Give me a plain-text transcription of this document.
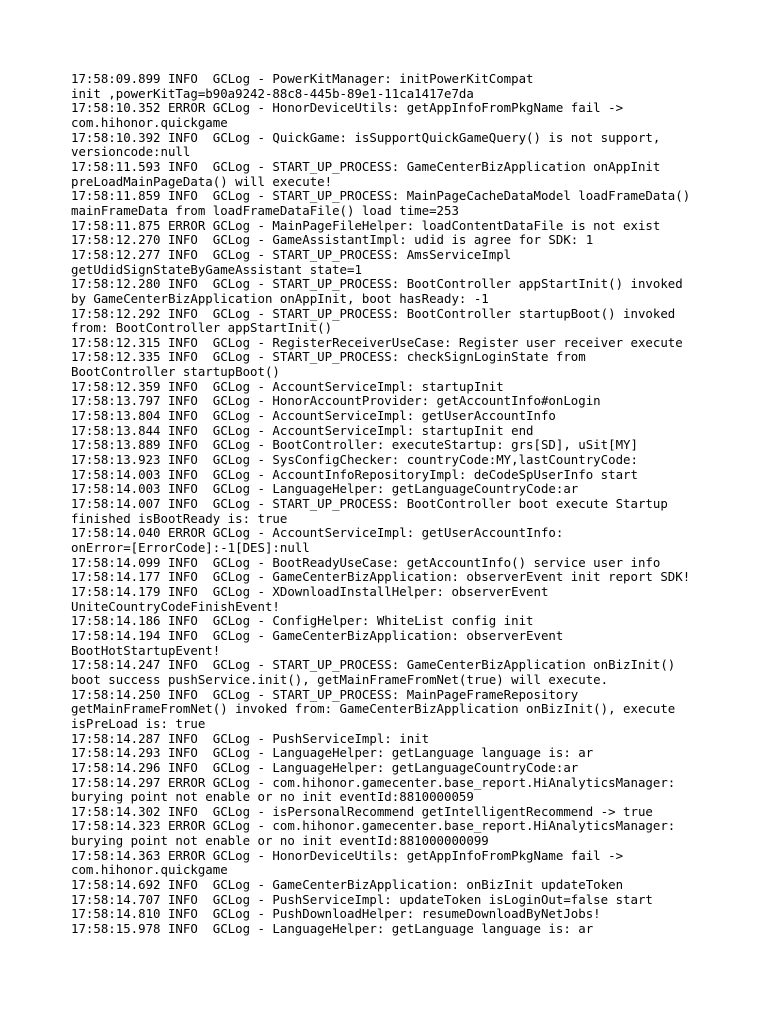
17:58:09.899 INFO  GCLog - PowerKitManager: initPowerKitCompat
init ,powerKitTag=b90a9242-88c8-445b-89e1-11ca1417e7da
17:58:10.352 ERROR GCLog - HonorDeviceUtils: getAppInfoFromPkgName fail ->
com.hihonor.quickgame
17:58:10.392 INFO  GCLog - QuickGame: isSupportQuickGameQuery() is not support,
versioncode:null
17:58:11.593 INFO  GCLog - START_UP_PROCESS: GameCenterBizApplication onAppInit
preLoadMainPageData() will execute!
17:58:11.859 INFO  GCLog - START_UP_PROCESS: MainPageCacheDataModel loadFrameData()
mainFrameData from loadFrameDataFile() load time=253
17:58:11.875 ERROR GCLog - MainPageFileHelper: loadContentDataFile is not exist
17:58:12.270 INFO  GCLog - GameAssistantImpl: udid is agree for SDK: 1
17:58:12.277 INFO  GCLog - START_UP_PROCESS: AmsServiceImpl
getUdidSignStateByGameAssistant state=1
17:58:12.280 INFO  GCLog - START_UP_PROCESS: BootController appStartInit() invoked
by GameCenterBizApplication onAppInit, boot hasReady: -1
17:58:12.292 INFO  GCLog - START_UP_PROCESS: BootController startupBoot() invoked
from: BootController appStartInit()
17:58:12.315 INFO  GCLog - RegisterReceiverUseCase: Register user receiver execute
17:58:12.335 INFO  GCLog - START_UP_PROCESS: checkSignLoginState from
BootController startupBoot()
17:58:12.359 INFO  GCLog - AccountServiceImpl: startupInit
17:58:13.797 INFO  GCLog - HonorAccountProvider: getAccountInfo#onLogin
17:58:13.804 INFO  GCLog - AccountServiceImpl: getUserAccountInfo
17:58:13.844 INFO  GCLog - AccountServiceImpl: startupInit end
17:58:13.889 INFO  GCLog - BootController: executeStartup: grs[SD], uSit[MY]
17:58:13.923 INFO  GCLog - SysConfigChecker: countryCode:MY,lastCountryCode:
17:58:14.003 INFO  GCLog - AccountInfoRepositoryImpl: deCodeSpUserInfo start
17:58:14.003 INFO  GCLog - LanguageHelper: getLanguageCountryCode:ar
17:58:14.007 INFO  GCLog - START_UP_PROCESS: BootController boot execute Startup
finished isBootReady is: true
17:58:14.040 ERROR GCLog - AccountServiceImpl: getUserAccountInfo:
onError=[ErrorCode]:-1[DES]:null
17:58:14.099 INFO  GCLog - BootReadyUseCase: getAccountInfo() service user info
17:58:14.177 INFO  GCLog - GameCenterBizApplication: observerEvent init report SDK!
17:58:14.179 INFO  GCLog - XDownloadInstallHelper: observerEvent
UniteCountryCodeFinishEvent!
17:58:14.186 INFO  GCLog - ConfigHelper: WhiteList config init
17:58:14.194 INFO  GCLog - GameCenterBizApplication: observerEvent
BootHotStartupEvent!
17:58:14.247 INFO  GCLog - START_UP_PROCESS: GameCenterBizApplication onBizInit()
boot success pushService.init(), getMainFrameFromNet(true) will execute.
17:58:14.250 INFO  GCLog - START_UP_PROCESS: MainPageFrameRepository
getMainFrameFromNet() invoked from: GameCenterBizApplication onBizInit(), execute
isPreLoad is: true
17:58:14.287 INFO  GCLog - PushServiceImpl: init
17:58:14.293 INFO  GCLog - LanguageHelper: getLanguage language is: ar
17:58:14.296 INFO  GCLog - LanguageHelper: getLanguageCountryCode:ar
17:58:14.297 ERROR GCLog - com.hihonor.gamecenter.base_report.HiAnalyticsManager:
burying point not enable or no init eventId:8810000059
17:58:14.302 INFO  GCLog - isPersonalRecommend getIntelligentRecommend -> true
17:58:14.323 ERROR GCLog - com.hihonor.gamecenter.base_report.HiAnalyticsManager:
burying point not enable or no init eventId:881000000099
17:58:14.363 ERROR GCLog - HonorDeviceUtils: getAppInfoFromPkgName fail ->
com.hihonor.quickgame
17:58:14.692 INFO  GCLog - GameCenterBizApplication: onBizInit updateToken
17:58:14.707 INFO  GCLog - PushServiceImpl: updateToken isLoginOut=false start
17:58:14.810 INFO  GCLog - PushDownloadHelper: resumeDownloadByNetJobs!
17:58:15.978 INFO  GCLog - LanguageHelper: getLanguage language is: ar
